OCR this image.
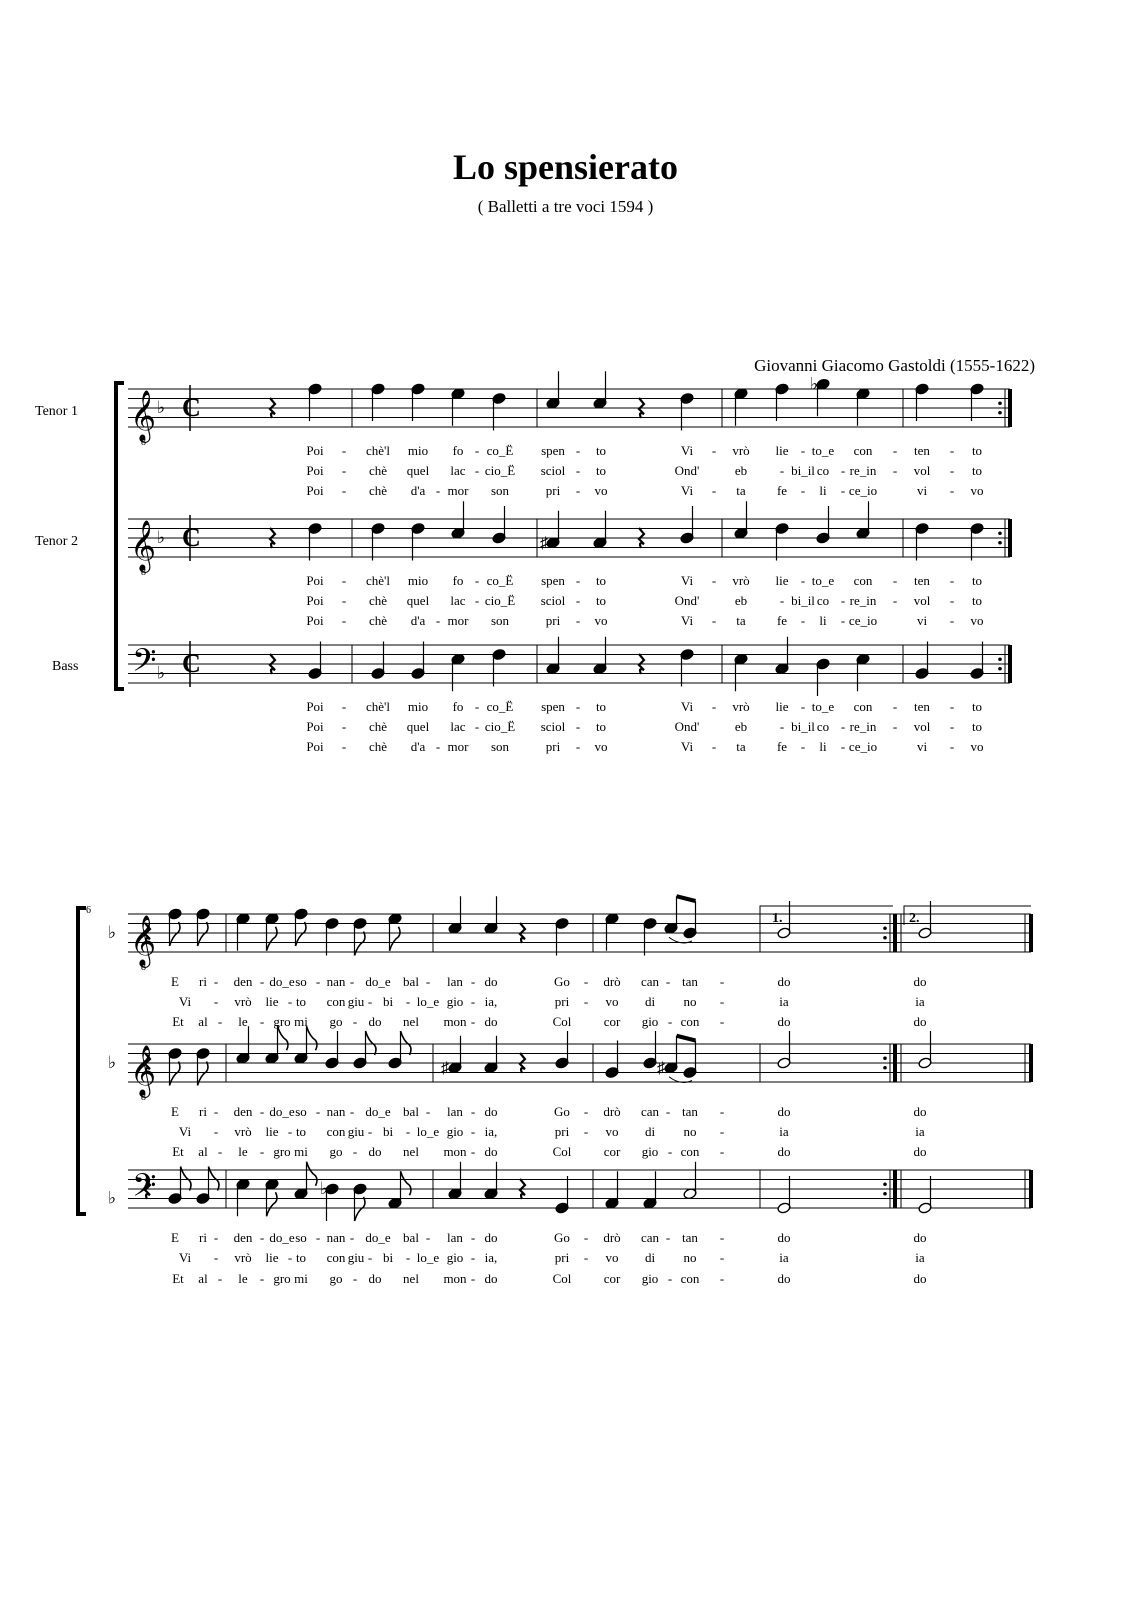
Lo spensierato
( Balletti a tre voci 1594 )
Giovanni Giacomo Gastoldi (1555-1622)
Tenor 1
Tenor 2
Bass
𝄞
8
♭ C
𝄞
8
♭ C
𝄢 ♭ C
♭
♯
Poi - chè'l mio fo - co_Ë spen - to	Vi - vrò lie - to_e con - ten - to
Poi - chè quel lac - cio_Ë sciol - to	Ond'	eb	- bi_il co - re_in - vol - to
Poi - chè d'a - mor son	pri - vo	Vi - ta fe - li - ce_io	vi - vo
Poi - chè'l mio fo - co_Ë spen - to	Vi - vrò lie - to_e con - ten - to
Poi - chè quel lac - cio_Ë sciol - to	Ond'	eb	- bi_il co - re_in - vol - to
Poi - chè d'a - mor son	pri - vo	Vi - ta fe - li - ce_io	vi - vo
Poi - chè'l mio fo - co_Ë spen - to	Vi - vrò lie - to_e con - ten - to
Poi - chè quel lac - cio_Ë sciol - to	Ond'	eb	- bi_il co - re_in - vol - to
Poi - chè d'a - mor son	pri - vo	Vi - ta fe - li - ce_io	vi - vo
6
𝄞
8
♭
𝄞
8
♭
𝄢
♭
1.	2.
♯	♯
♭
E ri - den - do_e so - nan - do_e bal - lan - do	Go - drò can - tan -	do	do
Vi - vrò lie - to con giu - bi - lo_e gio - ia,	pri - vo di no -	ia	ia
Et al - le - gro mi go - do nel mon - do	Col cor gio - con -	do	do
E ri - den - do_e so - nan - do_e bal - lan - do	Go - drò can - tan -	do	do
Vi - vrò lie - to con giu - bi - lo_e gio - ia,	pri - vo di no -	ia	ia
Et al - le - gro mi go - do nel mon - do	Col cor gio - con -	do	do
E ri - den - do_e so - nan - do_e bal - lan - do	Go - drò can - tan -	do	do
Vi - vrò lie - to con giu - bi - lo_e gio - ia,	pri - vo di no -	ia	ia
Et al - le - gro mi go - do nel mon - do	Col cor gio - con -	do	do
